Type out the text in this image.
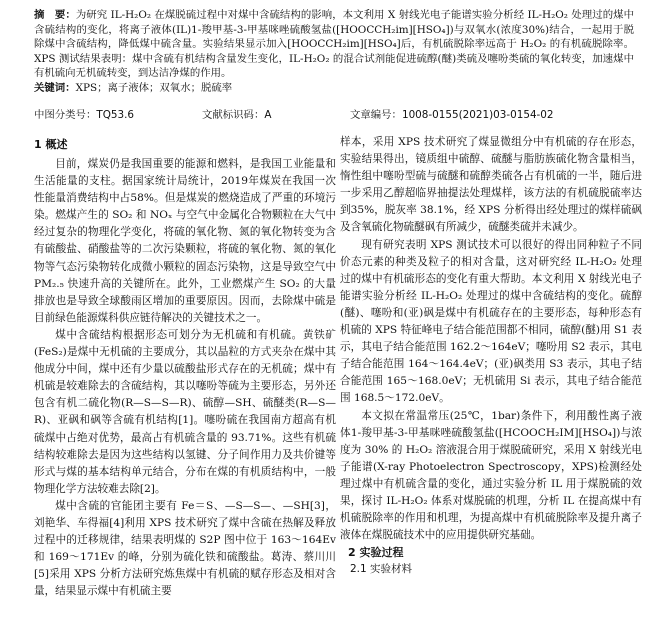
摘　要：为研究 IL-H₂O₂ 在煤脱硫过程中对煤中含硫结构的影响，本文利用 X 射线光电子能谱实验分析经 IL-H₂O₂ 处理过的煤中含硫结构的变化，将离子液体(IL)1-羧甲基-3-甲基咪唑硫酸氢盐([HOOCCH₂im][HSO₄])与双氧水(浓度30%)结合，一起用于脱除煤中含硫结构，降低煤中硫含量。实验结果显示加入[HOOCCH₂im][HSO₄]后，有机硫脱除率远高于 H₂O₂ 的有机硫脱除率。XPS 测试结果表明：煤中含硫有机结构含量发生变化，IL-H₂O₂ 的混合试剂能促进硫醇(醚)类硫及噻吩类硫的氧化转变，加速煤中有机硫向无机硫转变，到达洁净煤的作用。

关键词：XPS；离子液体；双氧水；脱硫率

中图分类号：TQ53.6	文献标识码：A	文章编号：1008-0155(2021)03-0154-02
1 概述

目前，煤炭仍是我国重要的能源和燃料，是我国工业能量和生活能量的支柱。据国家统计局统计，2019年煤炭在我国一次性能量消费结构中占58%。但是煤炭的燃烧造成了严重的环境污染。燃煤产生的 SO₂ 和 NOₓ 与空气中金属化合物颗粒在大气中经过复杂的物理化学变化，将硫的氧化物、氮的氧化物转变为含有硫酸盐、硝酸盐等的二次污染颗粒，将硫的氧化物、氮的氧化物等气态污染物转化成微小颗粒的固态污染物，这是导致空气中 PM₂.₅ 快速升高的关键所在。此外，工业燃煤产生 SO₂ 的大量排放也是导致全球酸雨区增加的重要原因。因而，去除煤中硫是目前绿色能源煤科供应链待解决的关键技术之一。

煤中含硫结构根据形态可划分为无机硫和有机硫。黄铁矿(FeS₂)是煤中无机硫的主要成分，其以晶粒的方式夹杂在煤中其他成分中间，煤中还有少量以硫酸盐形式存在的无机硫；煤中有机硫是较难除去的含硫结构，其以噻吩等硫为主要形态，另外还包含有机二硫化物(R—S—S—R)、硫醇—SH、硫醚类(R—S—R)、亚砜和砜等含硫有机结构[1]。噻吩硫在我国南方超高有机硫煤中占绝对优势，最高占有机硫含量的 93.71%。这些有机硫结构较难除去是因为这些结构以氢键、分子间作用力及共价键等形式与煤的基本结构单元结合，分布在煤的有机质结构中，一般物理化学方法较难去除[2]。

煤中含硫的官能团主要有 Fe＝S、—S—S—、—SH[3]，刘艳华、车得福[4]利用 XPS 技术研究了煤中含硫在热解及释放过程中的迁移规律，结果表明煤的 S2P 图中位于 163～164Ev 和 169～171Ev 的峰，分别为硫化铁和硫酸盐。葛涛、蔡川川[5]采用 XPS 分析方法研究炼焦煤中有机硫的赋存形态及相对含量，结果显示煤中有机硫主要

样本，采用 XPS 技术研究了煤显微组分中有机硫的存在形态，实验结果得出，镜质组中硫醇、硫醚与脂肪族硫化物含量相当，惰性组中噻吩型硫与硫醚和硫醇类硫各占有机硫的一半，随后进一步采用乙醇超临界抽提法处理煤样，该方法的有机硫脱硫率达到35%，脱灰率 38.1%，经 XPS 分析得出经处理过的煤样硫砜及含氧硫化物硫醚砜有所减少，硫醚类硫并未减少。

现有研究表明 XPS 测试技术可以很好的得出同种粒子不同价态元素的种类及粒子的相对含量，这对研究经 IL-H₂O₂ 处理过的煤中有机硫形态的变化有重大帮助。本文利用 X 射线光电子能谱实验分析经 IL-H₂O₂ 处理过的煤中含硫结构的变化。硫醇(醚)、噻吩和(亚)砜是煤中有机硫存在的主要形态，每种形态有机硫的 XPS 特征峰电子结合能范围都不相同，硫醇(醚)用 S1 表示，其电子结合能范围 162.2～164eV；噻吩用 S2 表示，其电子结合能范围 164～164.4eV；(亚)砜类用 S3 表示，其电子结合能范围 165～168.0eV；无机硫用 Si 表示，其电子结合能范围 168.5～172.0eV。

本文拟在常温常压(25℃，1bar)条件下，利用酸性离子液体1-羧甲基-3-甲基咪唑硫酸氢盐([HCOOCH₂IM][HSO₄])与浓度为 30% 的 H₂O₂ 溶液混合用于煤脱硫研究，采用 X 射线光电子能谱(X-ray Photoelectron Spectroscopy，XPS)检测经处理过煤中有机硫含量的变化，通过实验分析 IL 用于煤脱硫的效果，探讨 IL-H₂O₂ 体系对煤脱硫的机理，分析 IL 在提高煤中有机硫脱除率的作用和机理，为提高煤中有机硫脱除率及提升离子液体在煤脱硫技术中的应用提供研究基础。

2 实验过程
2.1 实验材料
